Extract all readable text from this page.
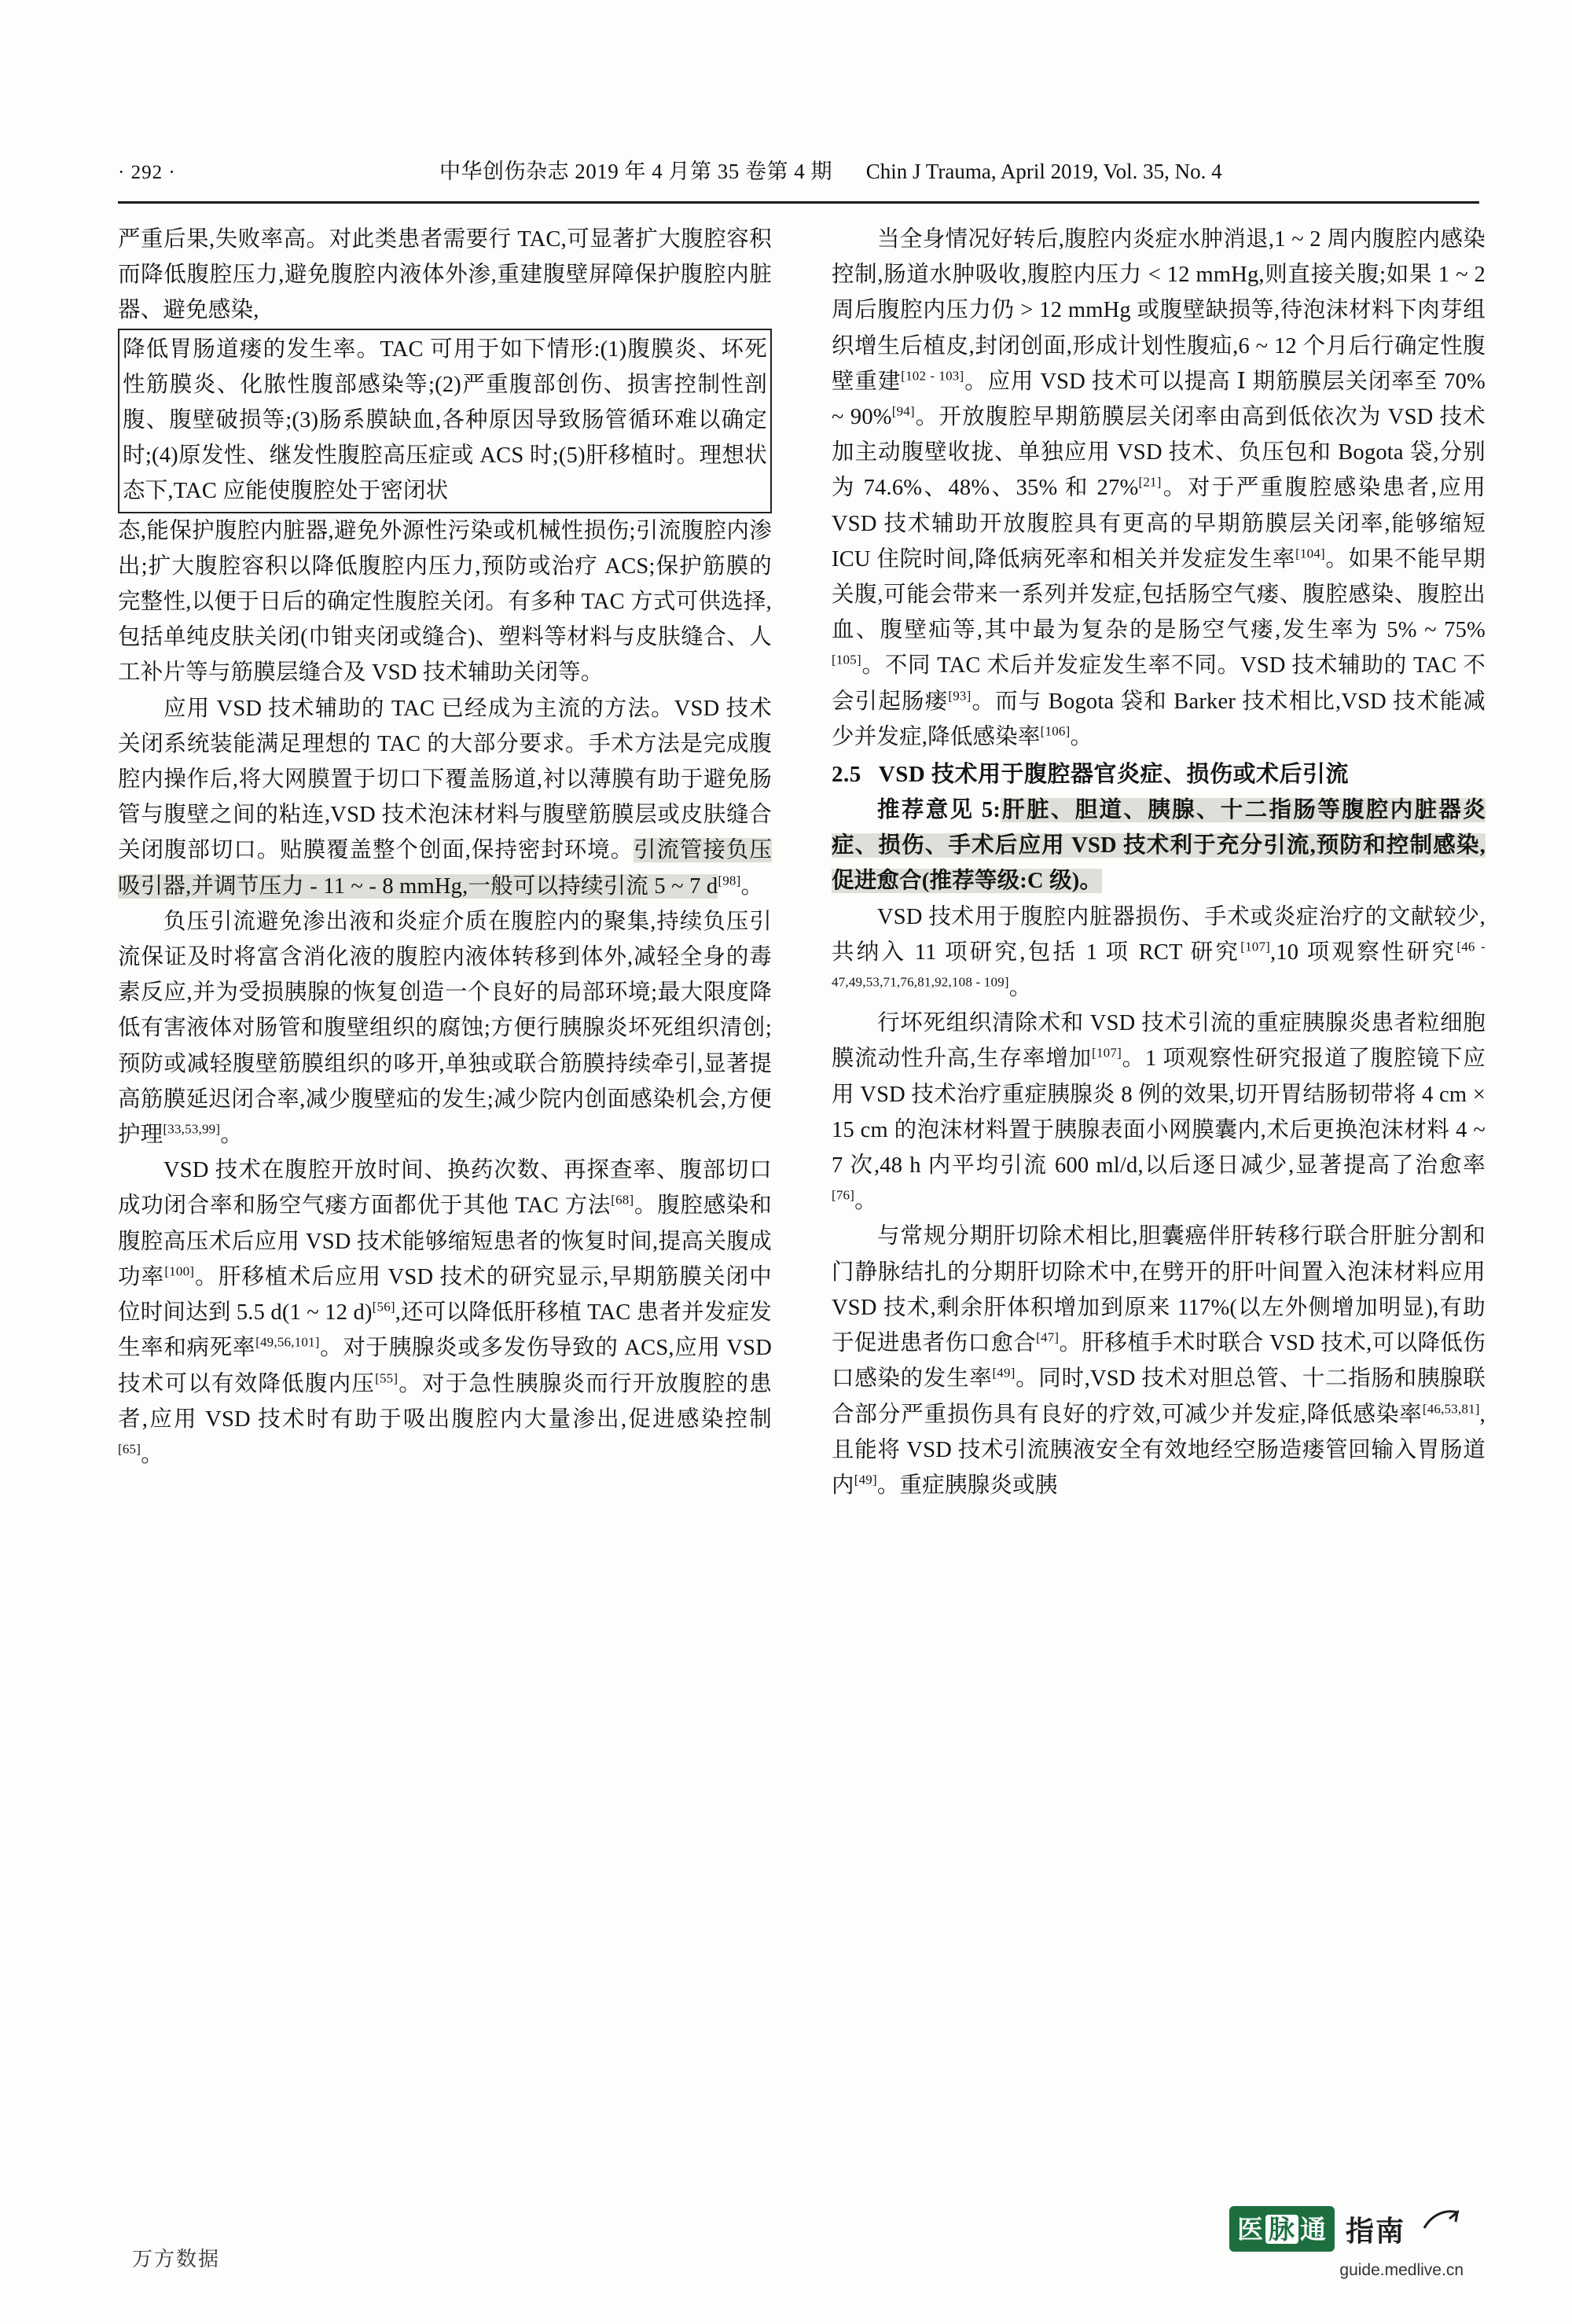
· 292 ·	中华创伤杂志 2019 年 4 月第 35 卷第 4 期 Chin J Trauma, April 2019, Vol. 35, No. 4

严重后果,失败率高。对此类患者需要行 TAC,可显著扩大腹腔容积而降低腹腔压力,避免腹腔内液体外渗,重建腹壁屏障保护腹腔内脏器、避免感染,

降低胃肠道瘘的发生率。TAC 可用于如下情形:(1)腹膜炎、坏死性筋膜炎、化脓性腹部感染等;(2)严重腹部创伤、损害控制性剖腹、腹壁破损等;(3)肠系膜缺血,各种原因导致肠管循环难以确定时;(4)原发性、继发性腹腔高压症或 ACS 时;(5)肝移植时。理想状态下,TAC 应能使腹腔处于密闭状

态,能保护腹腔内脏器,避免外源性污染或机械性损伤;引流腹腔内渗出;扩大腹腔容积以降低腹腔内压力,预防或治疗 ACS;保护筋膜的完整性,以便于日后的确定性腹腔关闭。有多种 TAC 方式可供选择,包括单纯皮肤关闭(巾钳夹闭或缝合)、塑料等材料与皮肤缝合、人工补片等与筋膜层缝合及 VSD 技术辅助关闭等。

应用 VSD 技术辅助的 TAC 已经成为主流的方法。VSD 技术关闭系统装能满足理想的 TAC 的大部分要求。手术方法是完成腹腔内操作后,将大网膜置于切口下覆盖肠道,衬以薄膜有助于避免肠管与腹壁之间的粘连,VSD 技术泡沫材料与腹壁筋膜层或皮肤缝合关闭腹部切口。贴膜覆盖整个创面,保持密封环境。引流管接负压吸引器,并调节压力 - 11 ~ - 8 mmHg,一般可以持续引流 5 ~ 7 d[98]。

负压引流避免渗出液和炎症介质在腹腔内的聚集,持续负压引流保证及时将富含消化液的腹腔内液体转移到体外,减轻全身的毒素反应,并为受损胰腺的恢复创造一个良好的局部环境;最大限度降低有害液体对肠管和腹壁组织的腐蚀;方便行胰腺炎坏死组织清创;预防或减轻腹壁筋膜组织的哆开,单独或联合筋膜持续牵引,显著提高筋膜延迟闭合率,减少腹壁疝的发生;减少院内创面感染机会,方便护理[33,53,99]。

VSD 技术在腹腔开放时间、换药次数、再探查率、腹部切口成功闭合率和肠空气瘘方面都优于其他 TAC 方法[68]。腹腔感染和腹腔高压术后应用 VSD 技术能够缩短患者的恢复时间,提高关腹成功率[100]。肝移植术后应用 VSD 技术的研究显示,早期筋膜关闭中位时间达到 5.5 d(1 ~ 12 d)[56],还可以降低肝移植 TAC 患者并发症发生率和病死率[49,56,101]。对于胰腺炎或多发伤导致的 ACS,应用 VSD 技术可以有效降低腹内压[55]。对于急性胰腺炎而行开放腹腔的患者,应用 VSD 技术时有助于吸出腹腔内大量渗出,促进感染控制[65]。

当全身情况好转后,腹腔内炎症水肿消退,1 ~ 2 周内腹腔内感染控制,肠道水肿吸收,腹腔内压力 < 12 mmHg,则直接关腹;如果 1 ~ 2 周后腹腔内压力仍 > 12 mmHg 或腹壁缺损等,待泡沫材料下肉芽组织增生后植皮,封闭创面,形成计划性腹疝,6 ~ 12 个月后行确定性腹壁重建[102 - 103]。应用 VSD 技术可以提高 Ⅰ 期筋膜层关闭率至 70% ~ 90%[94]。开放腹腔早期筋膜层关闭率由高到低依次为 VSD 技术加主动腹壁收拢、单独应用 VSD 技术、负压包和 Bogota 袋,分别为 74.6%、48%、35% 和 27%[21]。对于严重腹腔感染患者,应用 VSD 技术辅助开放腹腔具有更高的早期筋膜层关闭率,能够缩短 ICU 住院时间,降低病死率和相关并发症发生率[104]。如果不能早期关腹,可能会带来一系列并发症,包括肠空气瘘、腹腔感染、腹腔出血、腹壁疝等,其中最为复杂的是肠空气瘘,发生率为 5% ~ 75%[105]。不同 TAC 术后并发症发生率不同。VSD 技术辅助的 TAC 不会引起肠瘘[93]。而与 Bogota 袋和 Barker 技术相比,VSD 技术能减少并发症,降低感染率[106]。

2.5 VSD 技术用于腹腔器官炎症、损伤或术后引流

推荐意见 5:肝脏、胆道、胰腺、十二指肠等腹腔内脏器炎症、损伤、手术后应用 VSD 技术利于充分引流,预防和控制感染,促进愈合(推荐等级:C 级)。

VSD 技术用于腹腔内脏器损伤、手术或炎症治疗的文献较少,共纳入 11 项研究,包括 1 项 RCT 研究[107],10 项观察性研究[46 - 47,49,53,71,76,81,92,108 - 109]。

行坏死组织清除术和 VSD 技术引流的重症胰腺炎患者粒细胞膜流动性升高,生存率增加[107]。1 项观察性研究报道了腹腔镜下应用 VSD 技术治疗重症胰腺炎 8 例的效果,切开胃结肠韧带将 4 cm × 15 cm 的泡沫材料置于胰腺表面小网膜囊内,术后更换泡沫材料 4 ~ 7 次,48 h 内平均引流 600 ml/d,以后逐日减少,显著提高了治愈率[76]。

与常规分期肝切除术相比,胆囊癌伴肝转移行联合肝脏分割和门静脉结扎的分期肝切除术中,在劈开的肝叶间置入泡沫材料应用 VSD 技术,剩余肝体积增加到原来 117%(以左外侧增加明显),有助于促进患者伤口愈合[47]。肝移植手术时联合 VSD 技术,可以降低伤口感染的发生率[49]。同时,VSD 技术对胆总管、十二指肠和胰腺联合部分严重损伤具有良好的疗效,可减少并发症,降低感染率[46,53,81],且能将 VSD 技术引流胰液安全有效地经空肠造瘘管回输入胃肠道内[49]。重症胰腺炎或胰

万方数据
医 脉 通 指南
guide.medlive.cn
